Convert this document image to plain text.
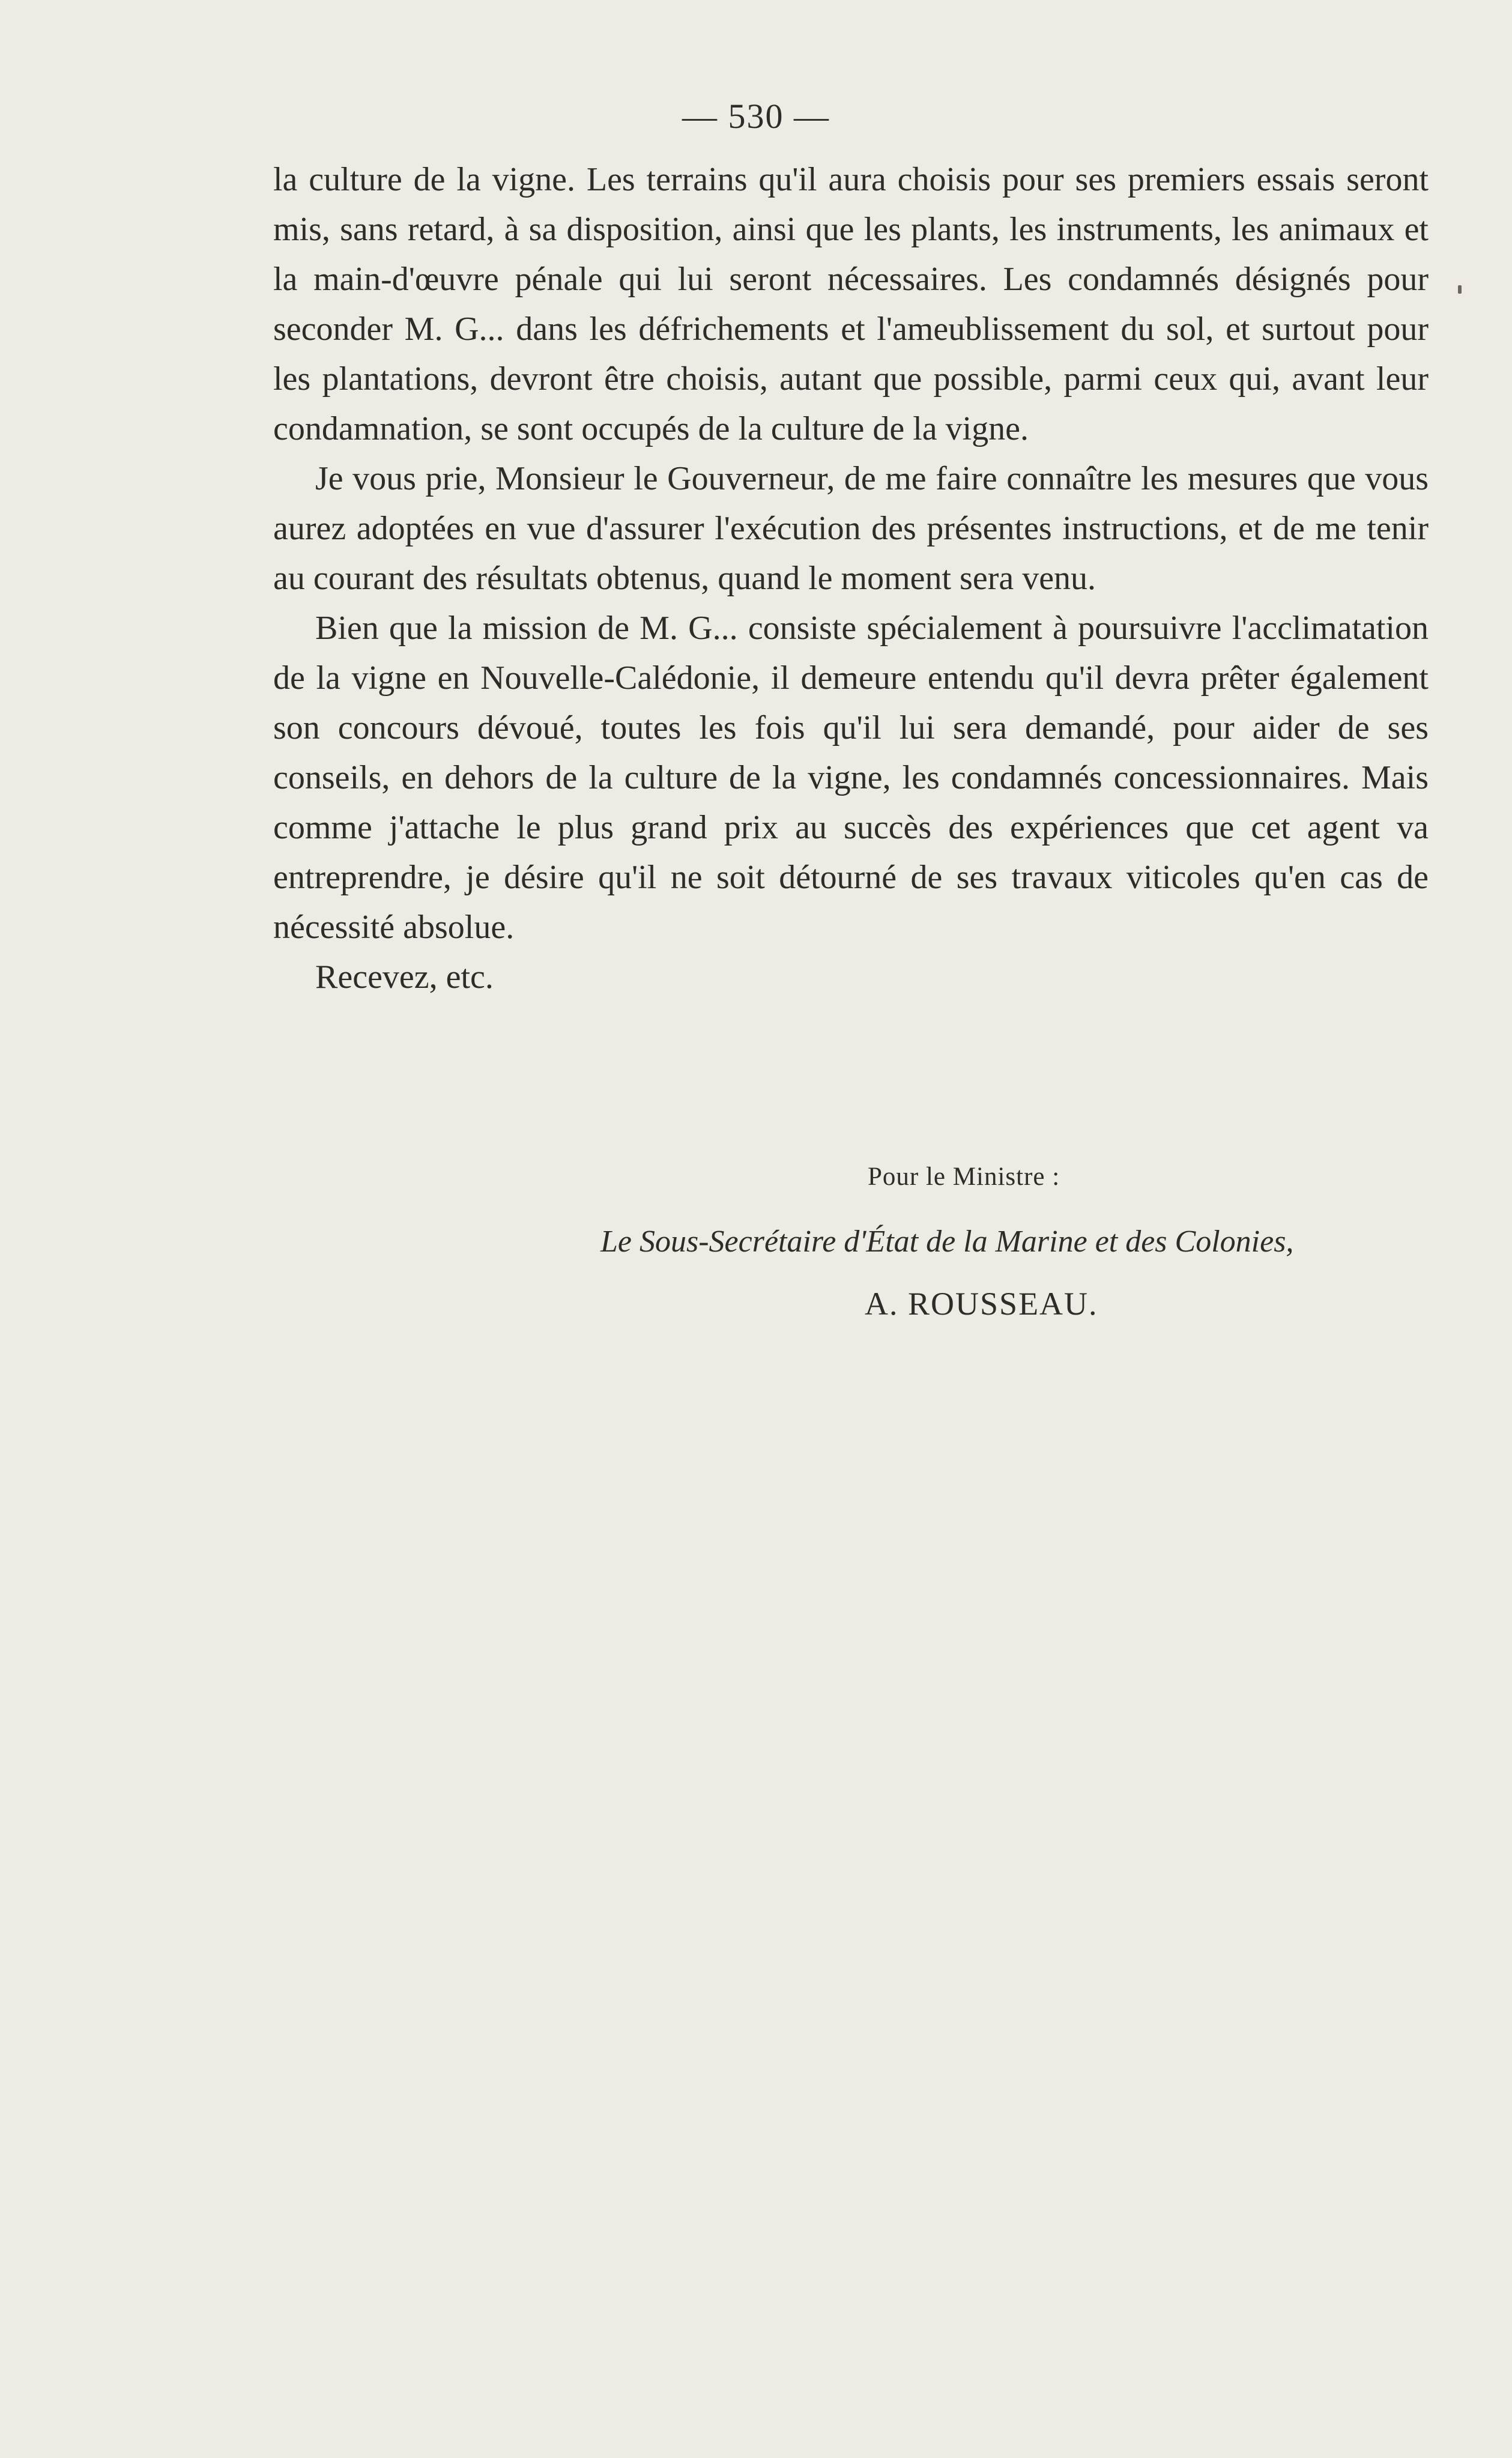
— 530 —

la culture de la vigne. Les terrains qu'il aura choisis pour ses premiers essais seront mis, sans retard, à sa disposition, ainsi que les plants, les instruments, les animaux et la main-d'œuvre pénale qui lui seront nécessaires. Les condamnés désignés pour seconder M. G... dans les défrichements et l'ameublissement du sol, et surtout pour les plantations, devront être choisis, autant que possible, parmi ceux qui, avant leur condamnation, se sont occupés de la culture de la vigne.

Je vous prie, Monsieur le Gouverneur, de me faire connaître les mesures que vous aurez adoptées en vue d'assurer l'exécution des présentes instructions, et de me tenir au courant des résultats obtenus, quand le moment sera venu.

Bien que la mission de M. G... consiste spécialement à poursuivre l'acclimatation de la vigne en Nouvelle-Calédonie, il demeure entendu qu'il devra prêter également son concours dévoué, toutes les fois qu'il lui sera demandé, pour aider de ses conseils, en dehors de la culture de la vigne, les condamnés concessionnaires. Mais comme j'attache le plus grand prix au succès des expériences que cet agent va entreprendre, je désire qu'il ne soit détourné de ses travaux viticoles qu'en cas de nécessité absolue.

Recevez, etc.

Pour le Ministre :
Le Sous-Secrétaire d'État de la Marine et des Colonies,
A. ROUSSEAU.
